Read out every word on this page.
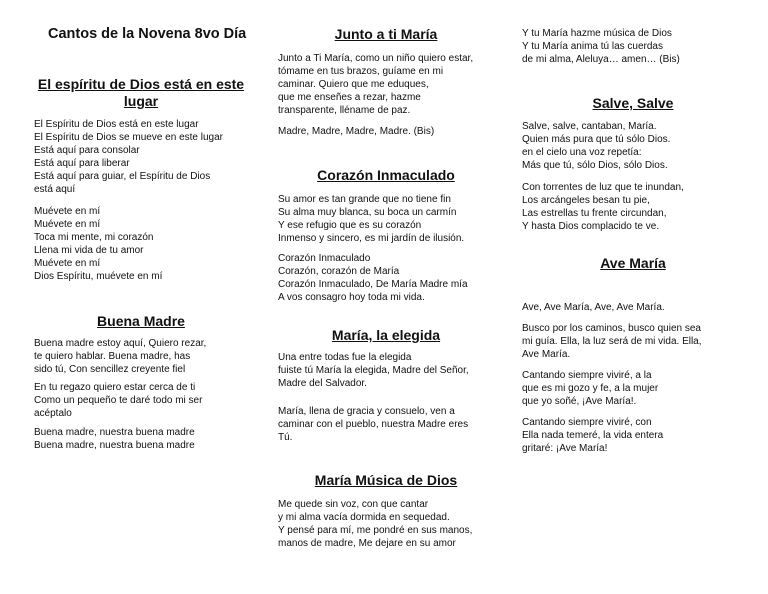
Cantos de la Novena 8vo Día
El espíritu de Dios está en este lugar
El Espíritu de Dios está en este lugar
El Espíritu de Dios se mueve en este lugar
Está aquí para consolar
Está aquí para liberar
Está aquí para guiar, el Espíritu de Dios
está aquí
Muévete en mí
Muévete en mí
Toca mi mente, mi corazón
Llena mi vida de tu amor
Muévete en mí
Dios Espíritu, muévete en mí
Buena Madre
Buena madre estoy aquí, Quiero rezar,
te quiero hablar. Buena madre, has
sido tú, Con sencillez creyente fiel
En tu regazo quiero estar cerca de ti
Como un pequeño te daré todo mi ser
acéptalo
Buena madre, nuestra buena madre
Buena madre, nuestra buena madre
Junto a ti María
Junto a Ti María, como un niño quiero estar,
tómame en tus brazos, guíame en mi
caminar. Quiero que me eduques,
que me enseñes a rezar, hazme
transparente, lléname de paz.
Madre, Madre, Madre, Madre. (Bis)
Corazón Inmaculado
Su amor es tan grande que no tiene fin
Su alma muy blanca, su boca un carmín
Y ese refugio que es su corazón
Inmenso y sincero, es mi jardín de ilusión.
Corazón Inmaculado
Corazón, corazón de María
Corazón Inmaculado, De María Madre mía
A vos consagro hoy toda mi vida.
María, la elegida
Una entre todas fue la elegida
fuiste tú María la elegida, Madre del Señor,
Madre del Salvador.
María, llena de gracia y consuelo, ven a
caminar con el pueblo, nuestra Madre eres
Tú.
María Música de Dios
Me quede sin voz, con que cantar
y mi alma vacía dormida en sequedad.
Y pensé para mí, me pondré en sus manos,
manos de madre, Me dejare en su amor
Y tu María hazme música de Dios
Y tu María anima tú las cuerdas
de mi alma, Aleluya… amen… (Bis)
Salve, Salve
Salve, salve, cantaban, María.
Quien más pura que tú sólo Dios.
en el cielo una voz repetía:
Más que tú, sólo Dios, sólo Dios.
Con torrentes de luz que te inundan,
Los arcángeles besan tu pie,
Las estrellas tu frente circundan,
Y hasta Dios complacido te ve.
Ave María
Ave, Ave María, Ave, Ave María.
Busco por los caminos, busco quien sea
mi guía. Ella, la luz será de mi vida. Ella,
Ave María.
Cantando siempre viviré, a la
que es mi gozo y fe, a la mujer
que yo soñé, ¡Ave María!.
Cantando siempre viviré, con
Ella nada temeré, la vida entera
gritaré: ¡Ave María!
